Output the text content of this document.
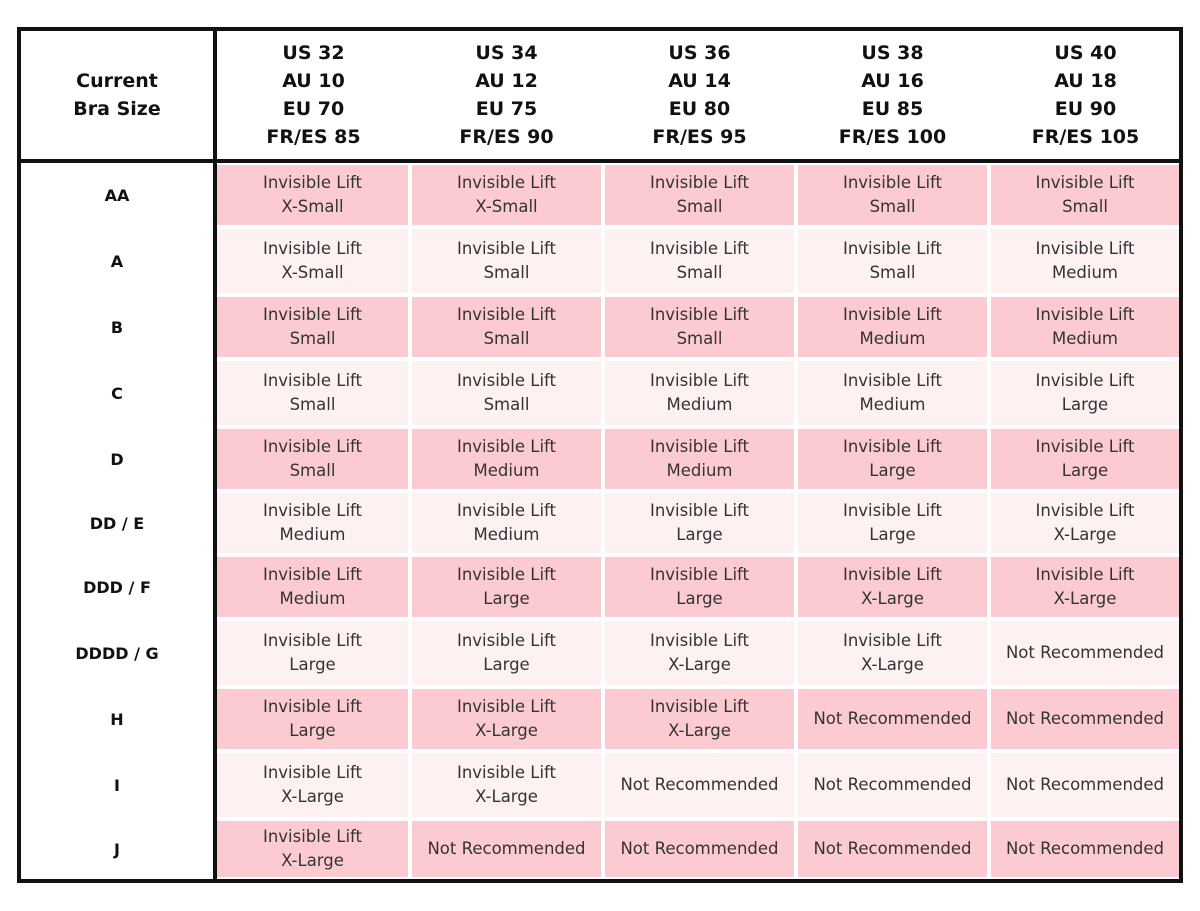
Current
Bra Size
US 32
AU 10
EU 70
FR/ES 85
US 34
AU 12
EU 75
FR/ES 90
US 36
AU 14
EU 80
FR/ES 95
US 38
AU 16
EU 85
FR/ES 100
US 40
AU 18
EU 90
FR/ES 105
AA
Invisible Lift
X-Small
Invisible Lift
X-Small
Invisible Lift
Small
Invisible Lift
Small
Invisible Lift
Small
A
Invisible Lift
X-Small
Invisible Lift
Small
Invisible Lift
Small
Invisible Lift
Small
Invisible Lift
Medium
B
Invisible Lift
Small
Invisible Lift
Small
Invisible Lift
Small
Invisible Lift
Medium
Invisible Lift
Medium
C
Invisible Lift
Small
Invisible Lift
Small
Invisible Lift
Medium
Invisible Lift
Medium
Invisible Lift
Large
D
Invisible Lift
Small
Invisible Lift
Medium
Invisible Lift
Medium
Invisible Lift
Large
Invisible Lift
Large
DD / E
Invisible Lift
Medium
Invisible Lift
Medium
Invisible Lift
Large
Invisible Lift
Large
Invisible Lift
X-Large
DDD / F
Invisible Lift
Medium
Invisible Lift
Large
Invisible Lift
Large
Invisible Lift
X-Large
Invisible Lift
X-Large
DDDD / G
Invisible Lift
Large
Invisible Lift
Large
Invisible Lift
X-Large
Invisible Lift
X-Large
Not Recommended
H
Invisible Lift
Large
Invisible Lift
X-Large
Invisible Lift
X-Large
Not Recommended Not Recommended
I
Invisible Lift
X-Large
Invisible Lift
X-Large
Not Recommended Not Recommended Not Recommended
J
Invisible Lift
X-Large
Not Recommended Not Recommended Not Recommended Not Recommended
